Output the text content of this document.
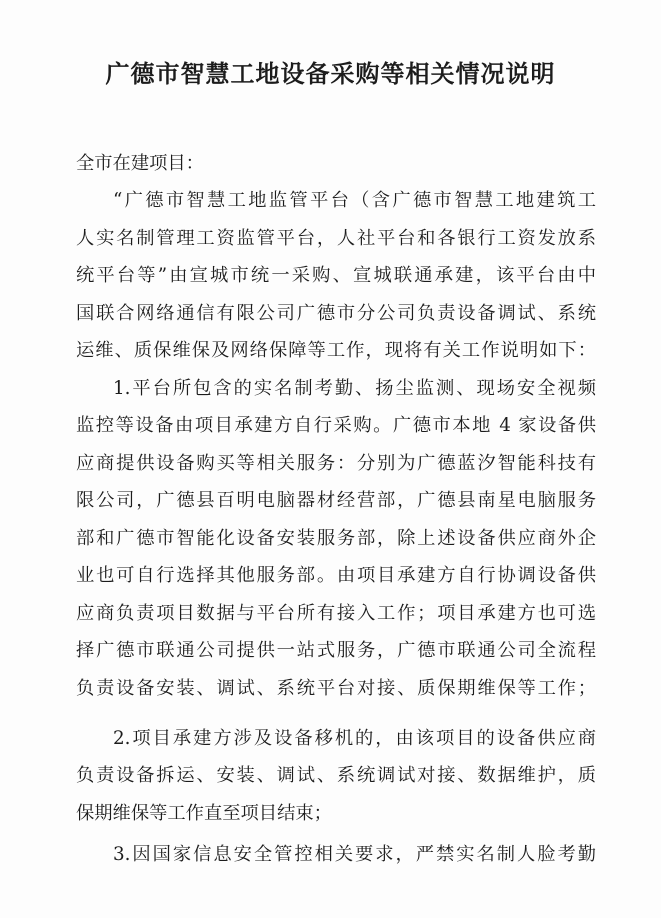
广德市智慧工地设备采购等相关情况说明
全市在建项目：
“广德市智慧工地监管平台（含广德市智慧工地建筑工
人实名制管理工资监管平台，人社平台和各银行工资发放系
统平台等”由宣城市统一采购、宣城联通承建，该平台由中
国联合网络通信有限公司广德市分公司负责设备调试、系统
运维、质保维保及网络保障等工作，现将有关工作说明如下：
1.平台所包含的实名制考勤、扬尘监测、现场安全视频
监控等设备由项目承建方自行采购。广德市本地 4 家设备供
应商提供设备购买等相关服务：分别为广德蓝汐智能科技有
限公司，广德县百明电脑器材经营部，广德县南星电脑服务
部和广德市智能化设备安装服务部，除上述设备供应商外企
业也可自行选择其他服务部。由项目承建方自行协调设备供
应商负责项目数据与平台所有接入工作；项目承建方也可选
择广德市联通公司提供一站式服务，广德市联通公司全流程
负责设备安装、调试、系统平台对接、质保期维保等工作；
2.项目承建方涉及设备移机的，由该项目的设备供应商
负责设备拆运、安装、调试、系统调试对接、数据维护，质
保期维保等工作直至项目结束；
3.因国家信息安全管控相关要求，严禁实名制人脸考勤
